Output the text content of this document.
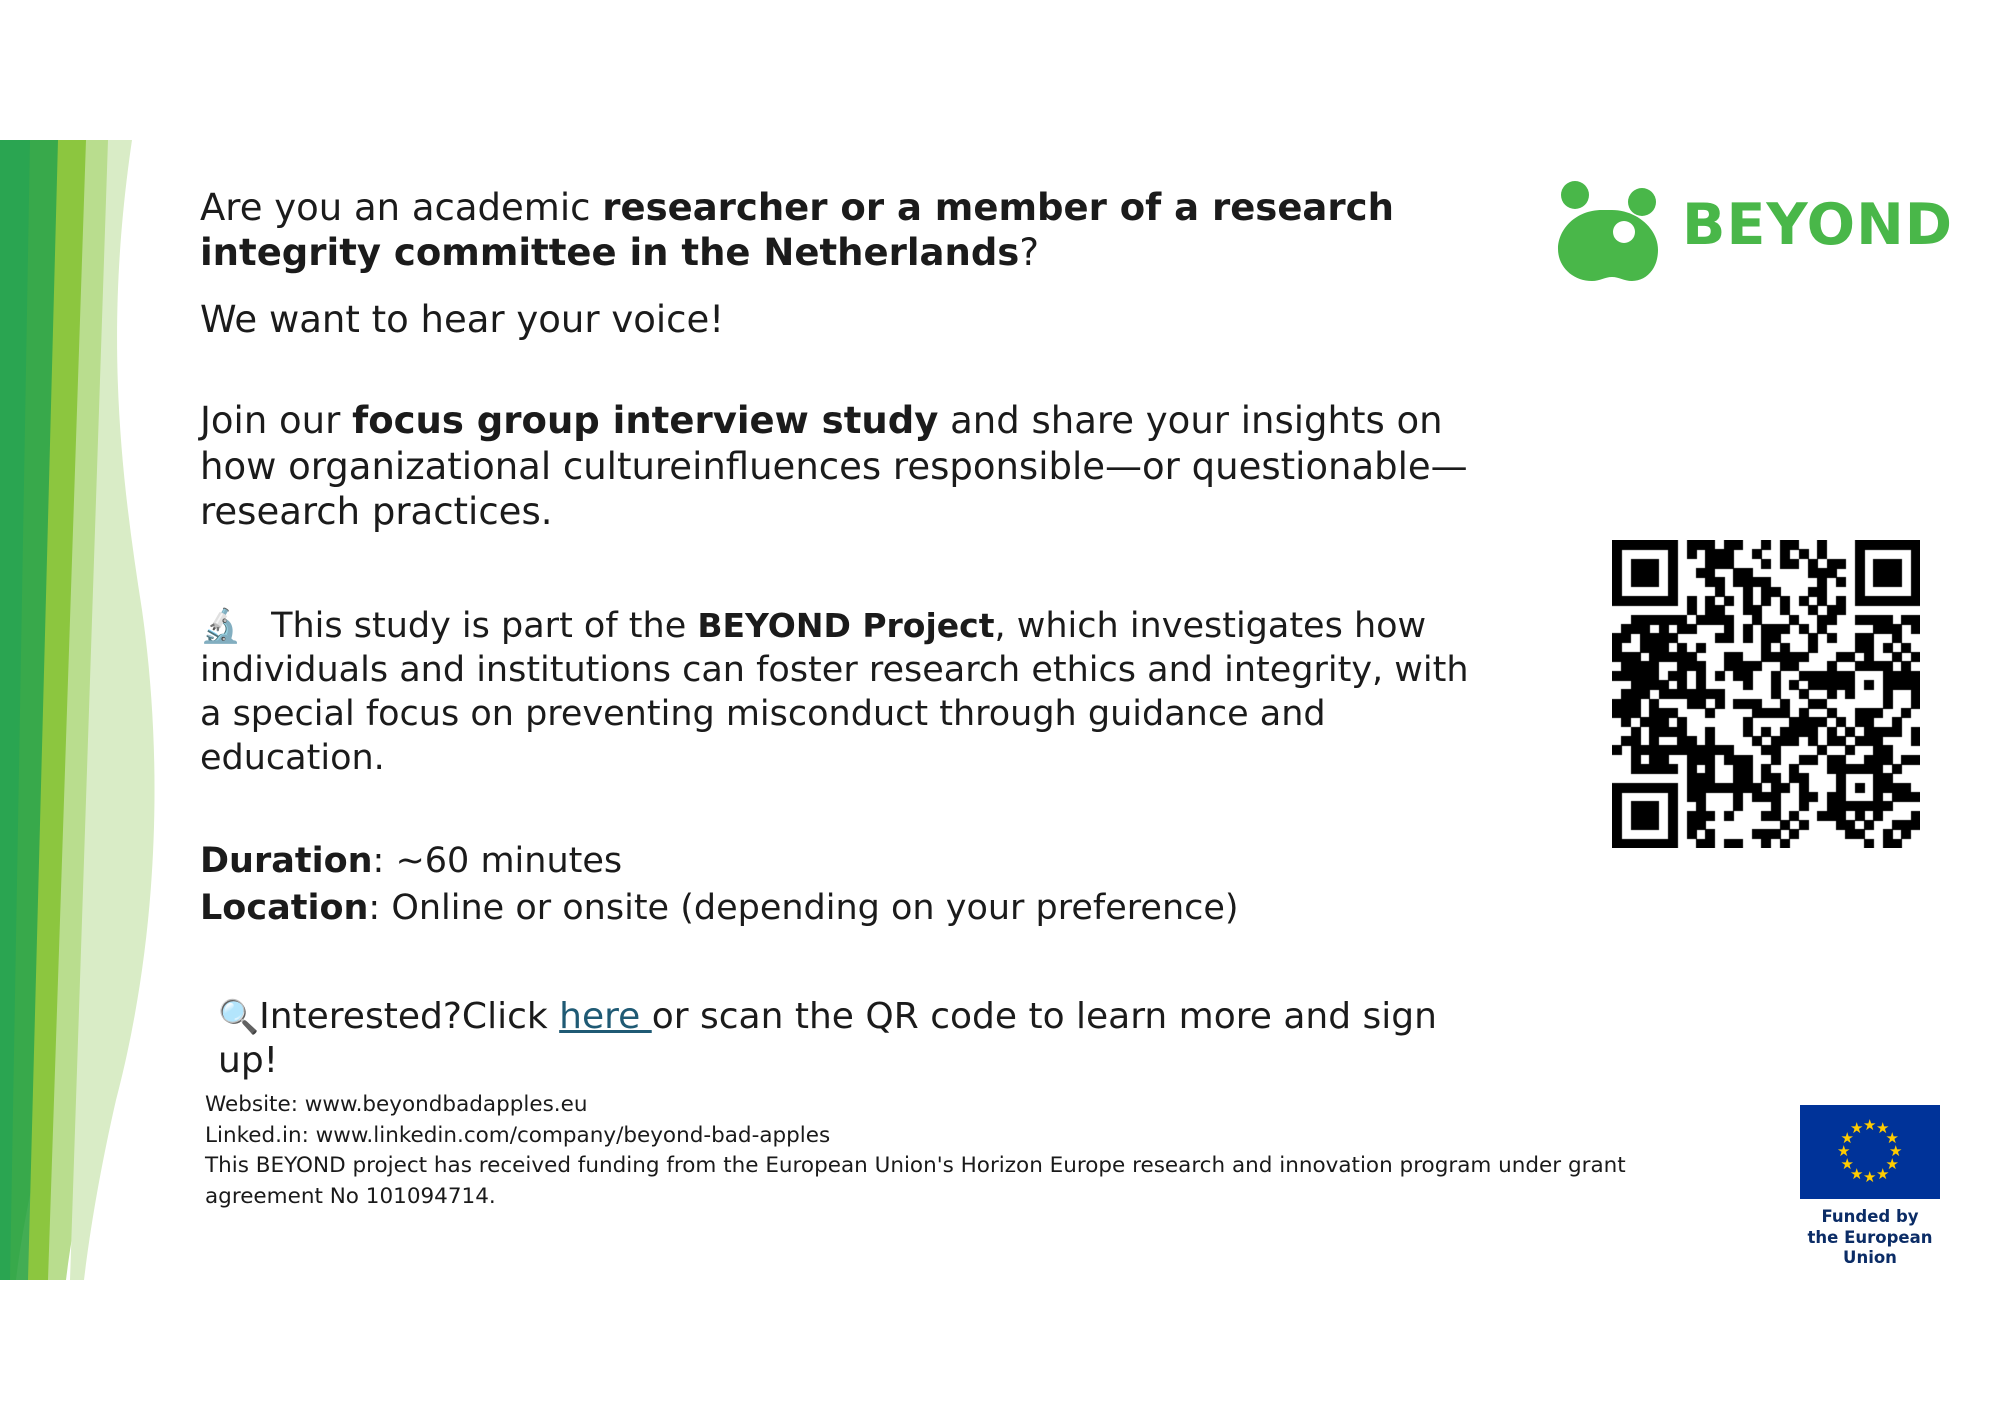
Are you an academic researcher or a member of a research integrity committee in the Netherlands?

We want to hear your voice!

Join our focus group interview study and share your insights on how organizational cultureinfluences responsible—or questionable— research practices.

🔬 This study is part of the BEYOND Project, which investigates how individuals and institutions can foster research ethics and integrity, with a special focus on preventing misconduct through guidance and education.

Duration: ~60 minutes

Location: Online or onsite (depending on your preference)

🔍Interested?Click here or scan the QR code to learn more and sign up!

Website: www.beyondbadapples.eu
Linked.in: www.linkedin.com/company/beyond-bad-apples
This BEYOND project has received funding from the European Union's Horizon Europe research and innovation program under grant agreement No 101094714.
BEYOND
★ ★
★
★
★
★
★
★
★
★
★
★
Funded by
the European Union
